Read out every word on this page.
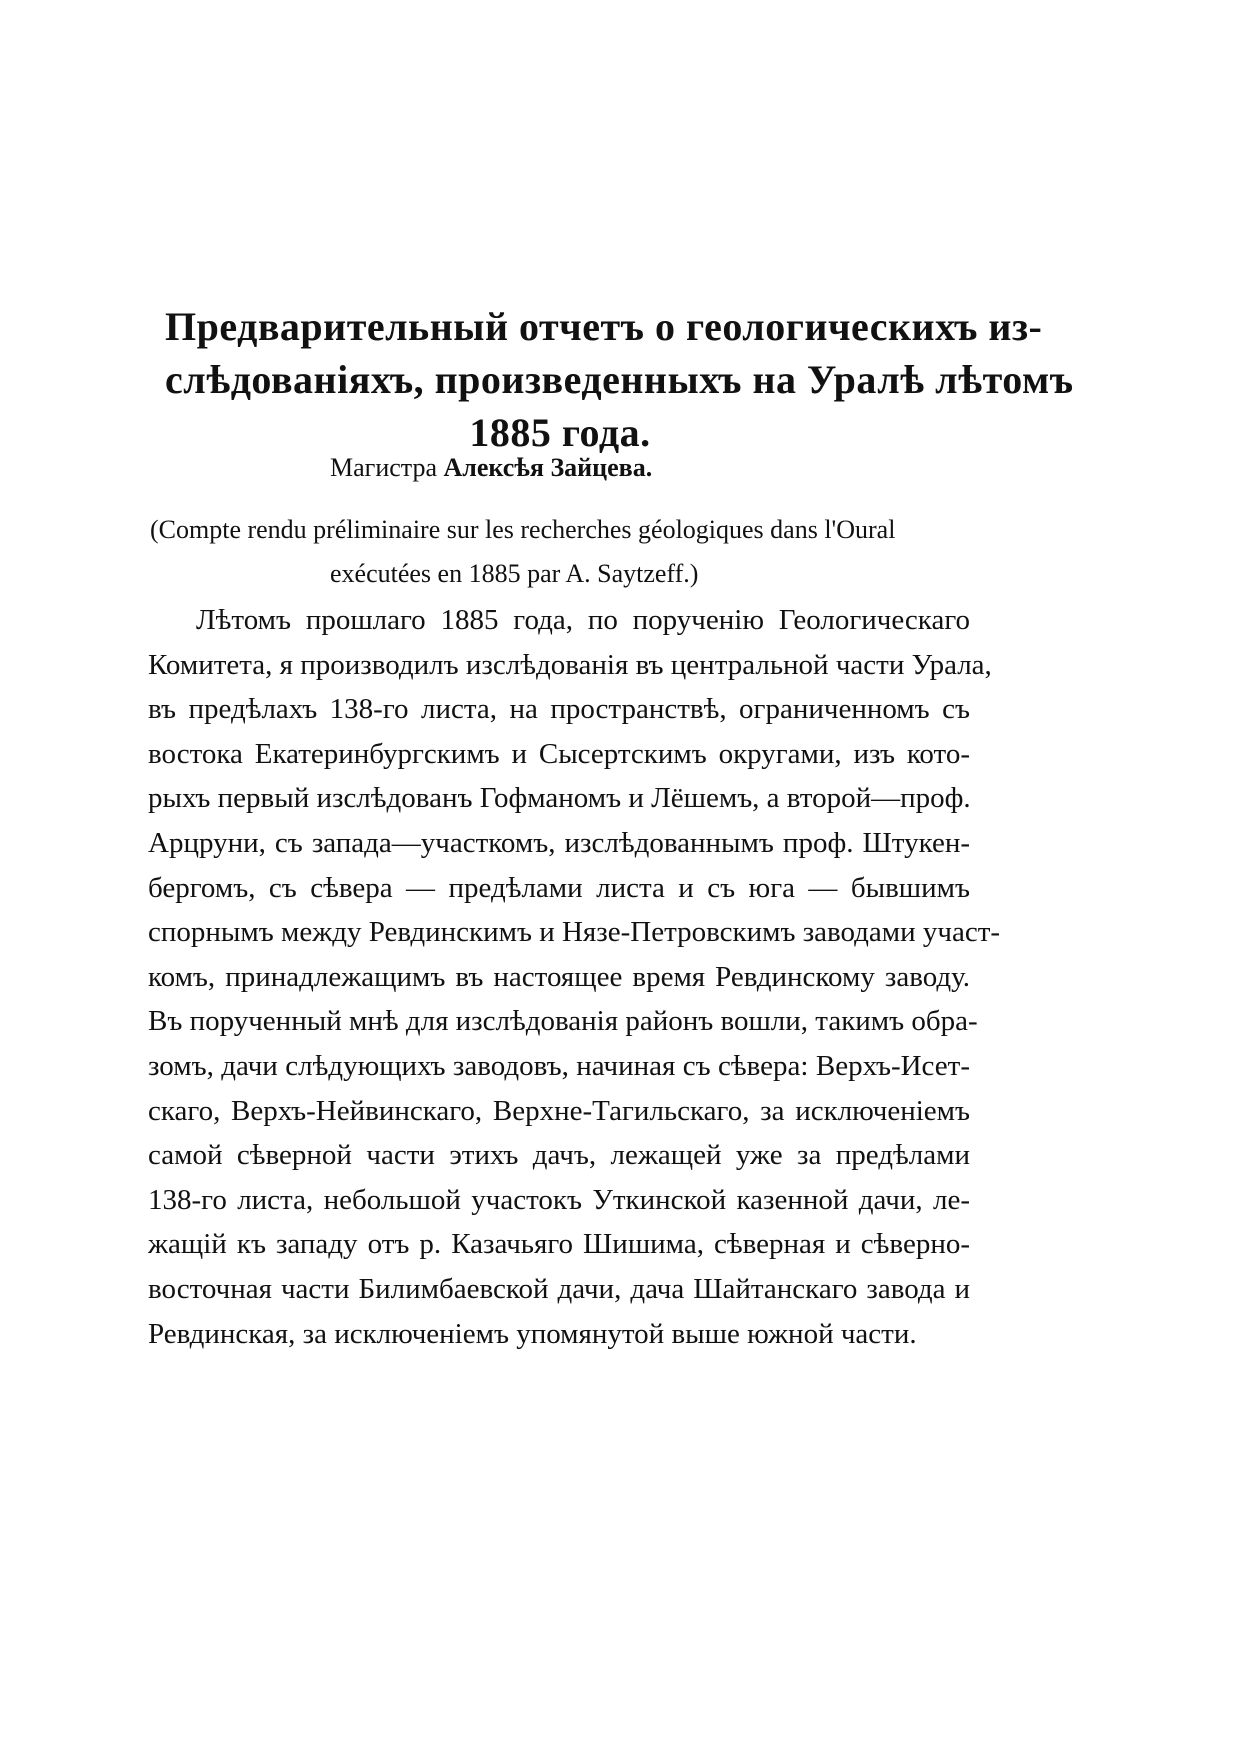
Предварительный отчетъ о геологическихъ из-
слѣдованіяхъ, произведенныхъ на Уралѣ лѣтомъ
1885 года.
Магистра Алексѣя Зайцева.
(Compte rendu préliminaire sur les recherches géologiques dans l'Oural
exécutées en 1885 par A. Saytzeff.)
Лѣтомъ прошлаго 1885 года, по порученію Геологическаго
Комитета, я производилъ изслѣдованія въ центральной части Урала,
въ предѣлахъ 138-го листа, на пространствѣ, ограниченномъ съ
востока Екатеринбургскимъ и Сысертскимъ округами, изъ кото-
рыхъ первый изслѣдованъ Гофманомъ и Лёшемъ, а второй—проф.
Арцруни, съ запада—участкомъ, изслѣдованнымъ проф. Штукен-
бергомъ, съ сѣвера — предѣлами листа и съ юга — бывшимъ
спорнымъ между Ревдинскимъ и Нязе-Петровскимъ заводами участ-
комъ, принадлежащимъ въ настоящее время Ревдинскому заводу.
Въ порученный мнѣ для изслѣдованія районъ вошли, такимъ обра-
зомъ, дачи слѣдующихъ заводовъ, начиная съ сѣвера: Верхъ-Исет-
скаго, Верхъ-Нейвинскаго, Верхне-Тагильскаго, за исключеніемъ
самой сѣверной части этихъ дачъ, лежащей уже за предѣлами
138-го листа, небольшой участокъ Уткинской казенной дачи, ле-
жащій къ западу отъ р. Казачьяго Шишима, сѣверная и сѣверно-
восточная части Билимбаевской дачи, дача Шайтанскаго завода и
Ревдинская, за исключеніемъ упомянутой выше южной части.
